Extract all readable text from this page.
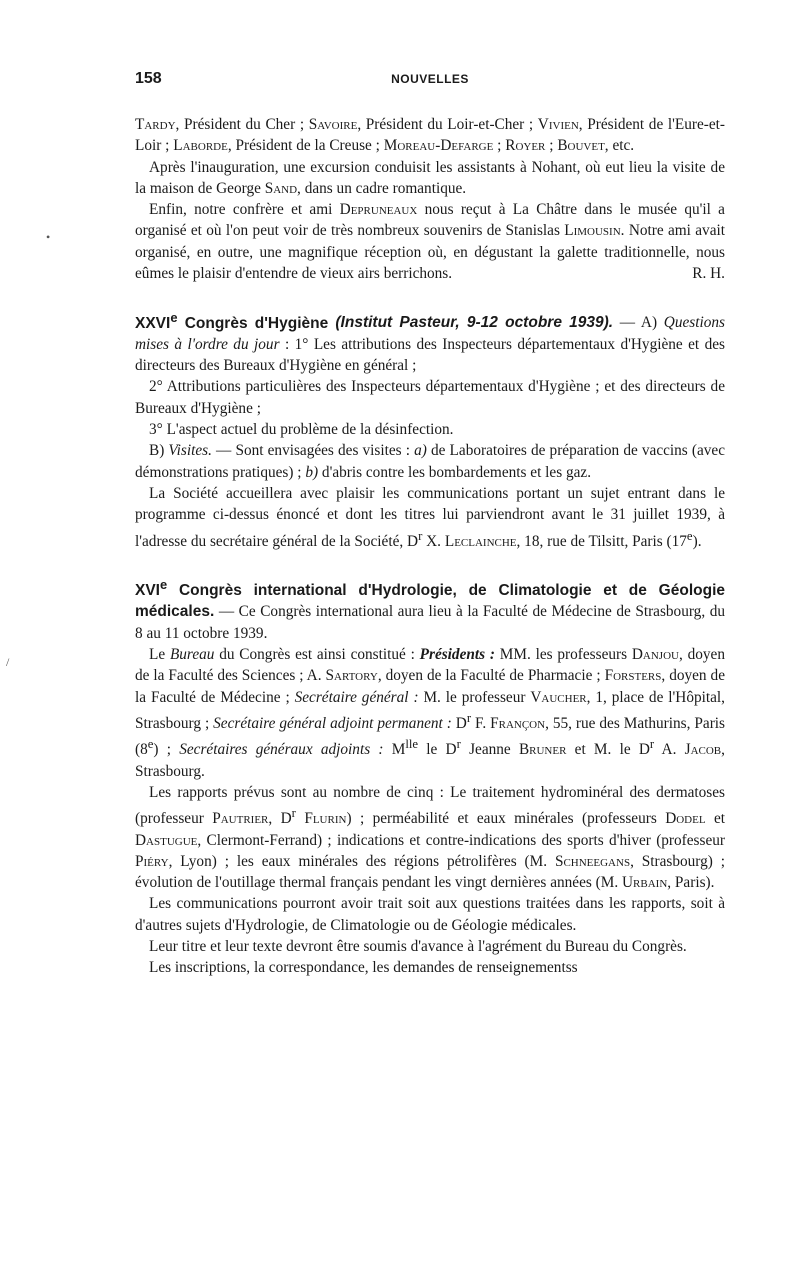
158	NOUVELLES
•
/

Tardy, Président du Cher ; Savoire, Président du Loir-et-Cher ; Vivien, Président de l'Eure-et-Loir ; Laborde, Président de la Creuse ; Moreau-Defarge ; Royer ; Bouvet, etc.

Après l'inauguration, une excursion conduisit les assistants à Nohant, où eut lieu la visite de la maison de George Sand, dans un cadre romantique.

Enfin, notre confrère et ami Depruneaux nous reçut à La Châtre dans le musée qu'il a organisé et où l'on peut voir de très nombreux souvenirs de Stanislas Limousin. Notre ami avait organisé, en outre, une magnifique réception où, en dégustant la galette traditionnelle, nous eûmes le plaisir d'entendre de vieux airs berrichons.	R. H.

XXVIe Congrès d'Hygiène (Institut Pasteur, 9-12 octobre 1939). — A) Questions mises à l'ordre du jour : 1° Les attributions des Inspecteurs départementaux d'Hygiène et des directeurs des Bureaux d'Hygiène en général ;

2° Attributions particulières des Inspecteurs départementaux d'Hygiène ; et des directeurs de Bureaux d'Hygiène ;

3° L'aspect actuel du problème de la désinfection.

B) Visites. — Sont envisagées des visites : a) de Laboratoires de préparation de vaccins (avec démonstrations pratiques) ; b) d'abris contre les bombardements et les gaz.

La Société accueillera avec plaisir les communications portant un sujet entrant dans le programme ci-dessus énoncé et dont les titres lui parviendront avant le 31 juillet 1939, à l'adresse du secrétaire général de la Société, $D^r$ X. Leclainche, 18, rue de Tilsitt, Paris (17e).

XVIe Congrès international d'Hydrologie, de Climatologie et de Géologie médicales. — Ce Congrès international aura lieu à la Faculté de Médecine de Strasbourg, du 8 au 11 octobre 1939.

Le Bureau du Congrès est ainsi constitué : Présidents : MM. les professeurs Danjou, doyen de la Faculté des Sciences ; A. Sartory, doyen de la Faculté de Pharmacie ; Forsters, doyen de la Faculté de Médecine ; Secrétaire général : M. le professeur Vaucher, 1, place de l'Hôpital, Strasbourg ; Secrétaire général adjoint permanent : $D^r$ F. Françon, 55, rue des Mathurins, Paris (8e) ; Secrétaires généraux adjoints : $M^{lle}$ le $D^r$ Jeanne Bruner et M. le $D^r$ A. Jacob, Strasbourg.

Les rapports prévus sont au nombre de cinq : Le traitement hydrominéral des dermatoses (professeur Pautrier, $D^r$ Flurin) ; perméabilité et eaux minérales (professeurs Dodel et Dastugue, Clermont-Ferrand) ; indications et contre-indications des sports d'hiver (professeur Piéry, Lyon) ; les eaux minérales des régions pétrolifères (M. Schneegans, Strasbourg) ; évolution de l'outillage thermal français pendant les vingt dernières années (M. Urbain, Paris).

Les communications pourront avoir trait soit aux questions traitées dans les rapports, soit à d'autres sujets d'Hydrologie, de Climatologie ou de Géologie médicales.

Leur titre et leur texte devront être soumis d'avance à l'agrément du Bureau du Congrès.

Les inscriptions, la correspondance, les demandes de renseignementss
